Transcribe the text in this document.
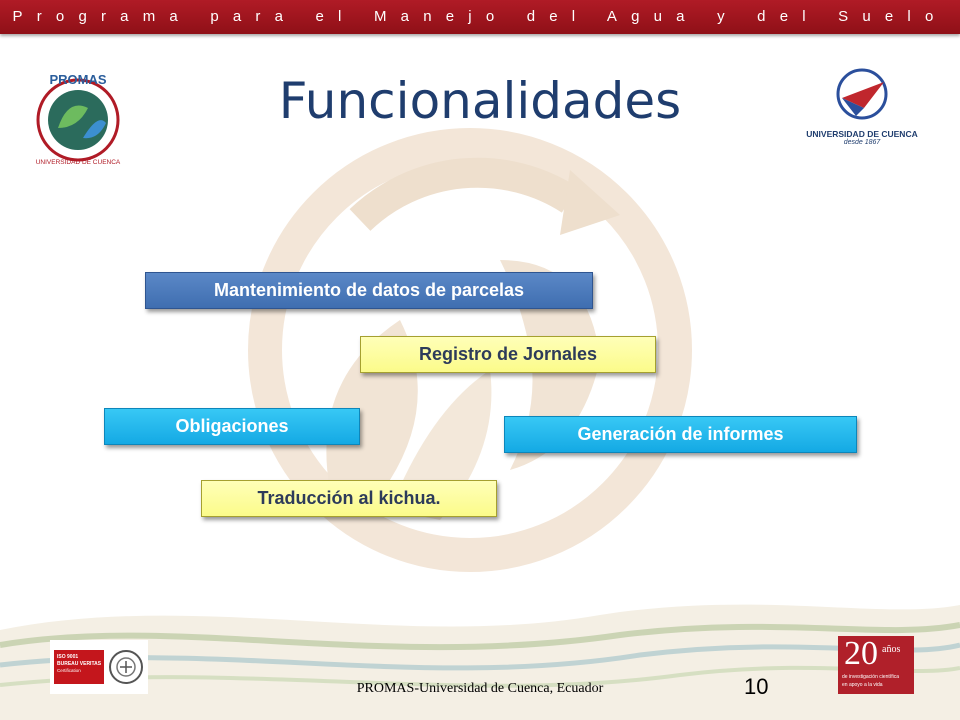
Programa para el Manejo del Agua y del Suelo
Funcionalidades
PROMAS
UNIVERSIDAD DE CUENCA
UNIVERSIDAD DE CUENCA
desde 1867
Mantenimiento de datos de parcelas
Registro de Jornales
Obligaciones	Generación de informes
Traducción al kichua.
ISO 9001
BUREAU VERITAS
Certification	20 años
de investigación científica
en apoyo a la vida
PROMAS-Universidad de Cuenca, Ecuador	10
